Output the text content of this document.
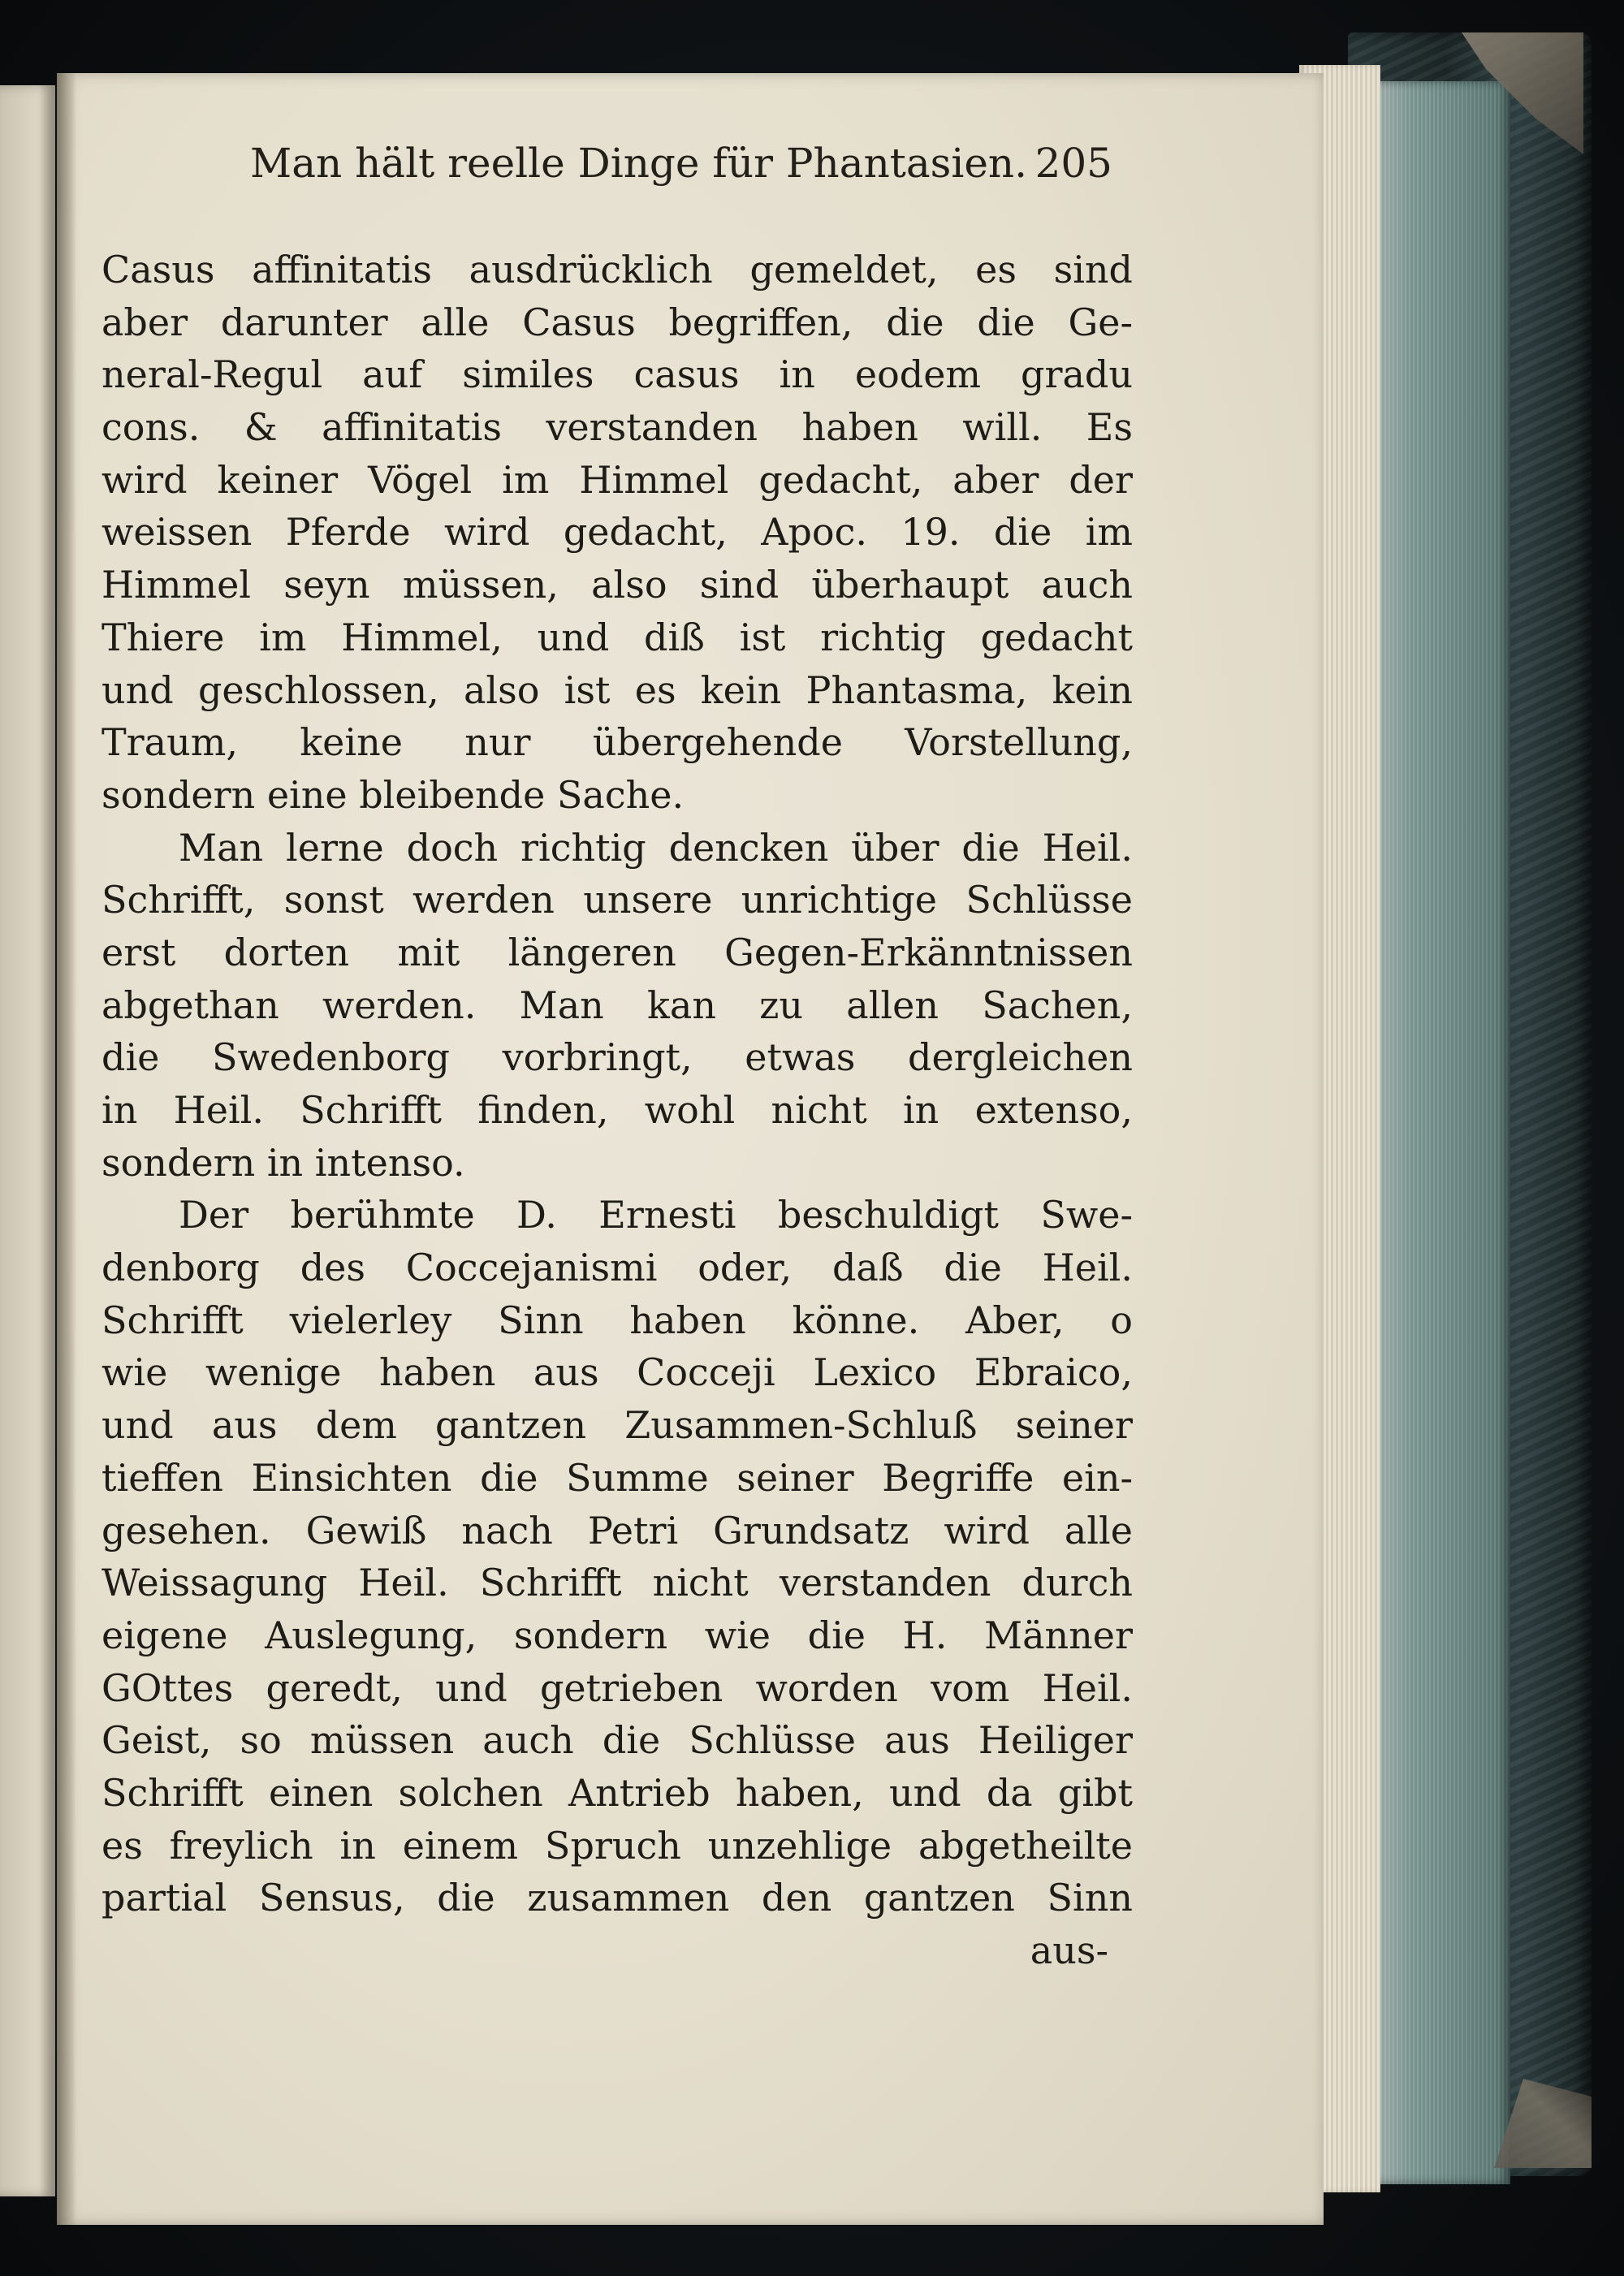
Man hält reelle Dinge für Phantasien. 205
Casus affinitatis ausdrücklich gemeldet, es sind
aber darunter alle Casus begriffen, die die Ge-
neral-Regul auf similes casus in eodem gradu
cons. & affinitatis verstanden haben will. Es
wird keiner Vögel im Himmel gedacht, aber der
weissen Pferde wird gedacht, Apoc. 19. die im
Himmel seyn müssen, also sind überhaupt auch
Thiere im Himmel, und diß ist richtig gedacht
und geschlossen, also ist es kein Phantasma, kein
Traum, keine nur übergehende Vorstellung,
sondern eine bleibende Sache.
Man lerne doch richtig dencken über die Heil.
Schrifft, sonst werden unsere unrichtige Schlüsse
erst dorten mit längeren Gegen-Erkänntnissen
abgethan werden. Man kan zu allen Sachen,
die Swedenborg vorbringt, etwas dergleichen
in Heil. Schrifft finden, wohl nicht in extenso,
sondern in intenso.
Der berühmte D. Ernesti beschuldigt Swe-
denborg des Coccejanismi oder, daß die Heil.
Schrifft vielerley Sinn haben könne. Aber, o
wie wenige haben aus Cocceji Lexico Ebraico,
und aus dem gantzen Zusammen-Schluß seiner
tieffen Einsichten die Summe seiner Begriffe ein-
gesehen. Gewiß nach Petri Grundsatz wird alle
Weissagung Heil. Schrifft nicht verstanden durch
eigene Auslegung, sondern wie die H. Männer
GOttes geredt, und getrieben worden vom Heil.
Geist, so müssen auch die Schlüsse aus Heiliger
Schrifft einen solchen Antrieb haben, und da gibt
es freylich in einem Spruch unzehlige abgetheilte
partial Sensus, die zusammen den gantzen Sinn
aus-
